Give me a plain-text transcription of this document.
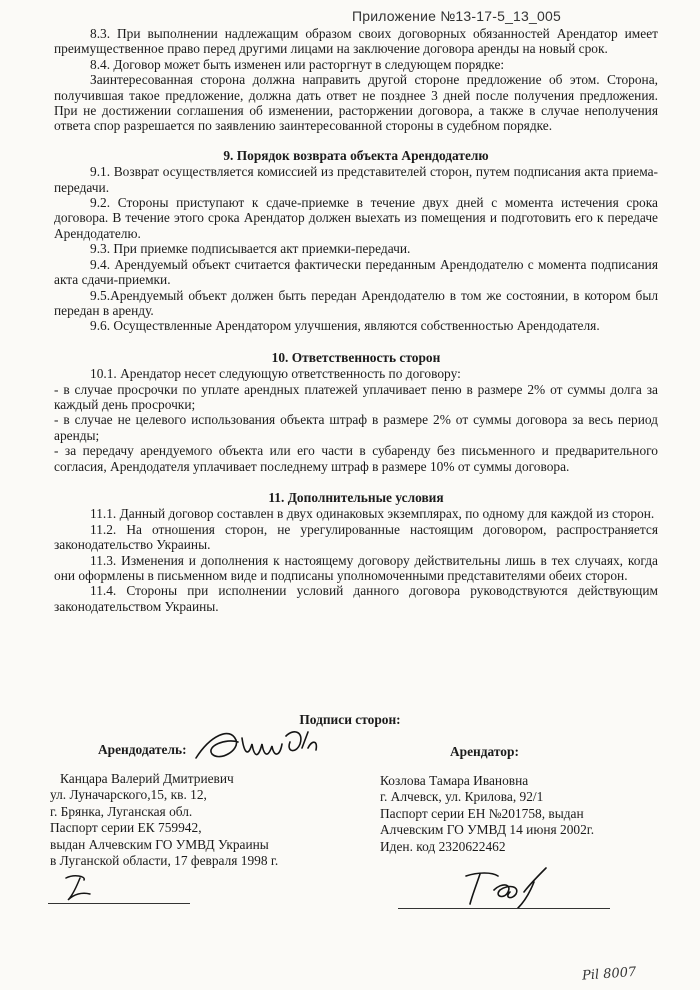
Приложение №13-17-5_13_005

8.3. При выполнении надлежащим образом своих договорных обязанностей Арендатор имеет преимущественное право перед другими лицами на заключение договора аренды на новый срок.

8.4. Договор может быть изменен или расторгнут в следующем порядке:

Заинтересованная сторона должна направить другой стороне предложение об этом. Сторона, получившая такое предложение, должна дать ответ не позднее 3 дней после получения предложения. При не достижении соглашения об изменении, расторжении договора, а также в случае неполучения ответа спор разрешается по заявлению заинтересованной стороны в судебном порядке.

9. Порядок возврата объекта Арендодателю

9.1. Возврат осуществляется комиссией из представителей сторон, путем подписания акта приема-передачи.

9.2. Стороны приступают к сдаче-приемке в течение двух дней с момента истечения срока договора. В течение этого срока Арендатор должен выехать из помещения и подготовить его к передаче Арендодателю.

9.3. При приемке подписывается акт приемки-передачи.

9.4. Арендуемый объект считается фактически переданным Арендодателю с момента подписания акта сдачи-приемки.

9.5.Арендуемый объект должен быть передан Арендодателю в том же состоянии, в котором был передан в аренду.

9.6. Осуществленные Арендатором улучшения, являются собственностью Арендодателя.

10. Ответственность сторон

10.1. Арендатор несет следующую ответственность по договору:

- в случае просрочки по уплате арендных платежей уплачивает пеню в размере 2% от суммы долга за каждый день просрочки;

- в случае не целевого использования объекта штраф в размере 2% от суммы договора за весь период аренды;

- за передачу арендуемого объекта или его части в субаренду без письменного и предварительного согласия, Арендодателя уплачивает последнему штраф в размере 10% от суммы договора.

11. Дополнительные условия

11.1. Данный договор составлен в двух одинаковых экземплярах, по одному для каждой из сторон.

11.2. На отношения сторон, не урегулированные настоящим договором, распространяется законодательство Украины.

11.3. Изменения и дополнения к настоящему договору действительны лишь в тех случаях, когда они оформлены в письменном виде и подписаны уполномоченными представителями обеих сторон.

11.4. Стороны при исполнении условий данного договора руководствуются действующим законодательством Украины.

Подписи сторон:
Арендодатель:
Канцара Валерий Дмитриевич
ул. Луначарского,15, кв. 12,
г. Брянка, Луганская обл.
Паспорт серии ЕК 759942,
выдан Алчевским ГО УМВД Украины
в Луганской области, 17 февраля 1998 г.
Арендатор:
Козлова Тамара Ивановна
г. Алчевск, ул. Крилова, 92/1
Паспорт серии ЕН №201758, выдан
Алчевским ГО УМВД 14 июня 2002г.
Иден. код 2320622462
Pil 8007
